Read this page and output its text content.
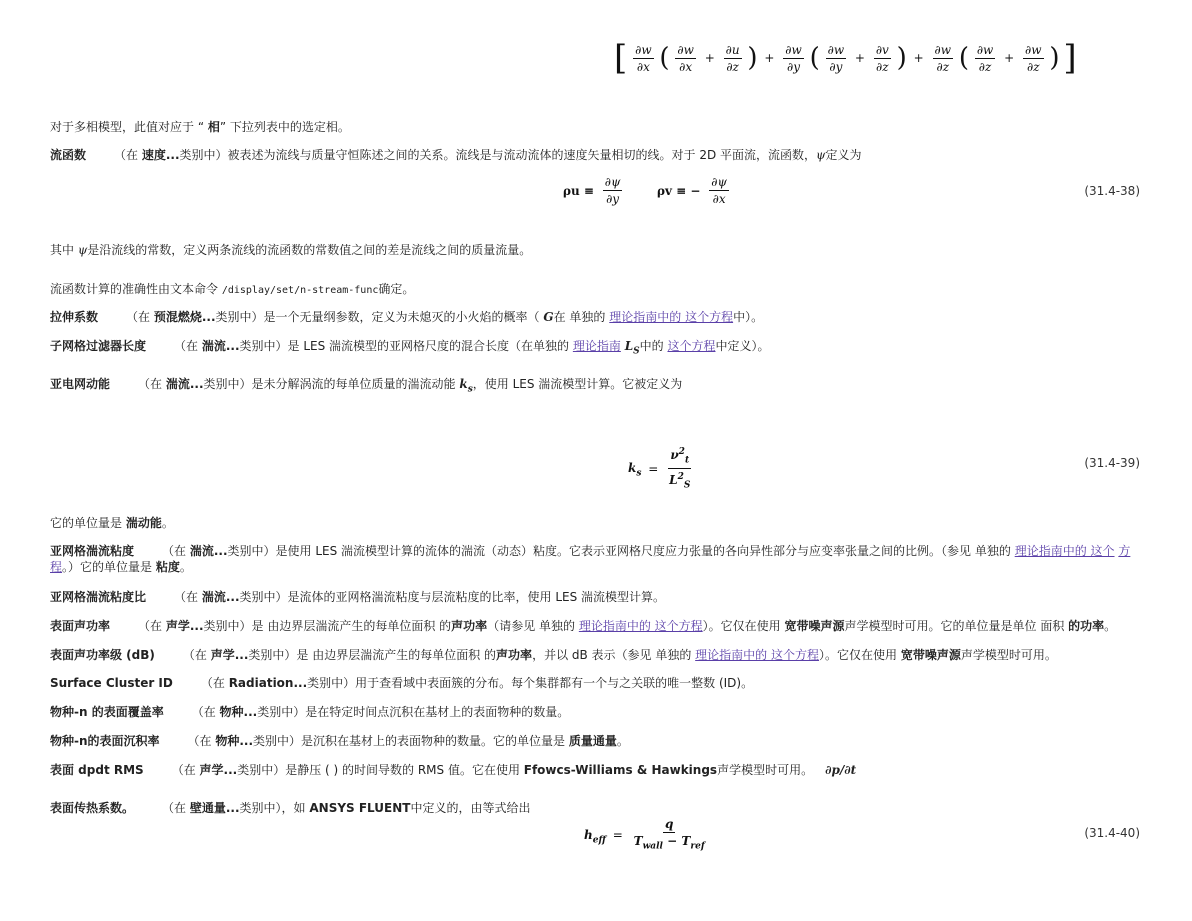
[ $\frac{\partial w}{\partial x}$ ( $\frac{\partial w}{\partial x} + \frac{\partial u}{\partial z}$ ) + $\frac{\partial w}{\partial y}$ ( $\frac{\partial w}{\partial y} + \frac{\partial v}{\partial z}$ ) + $\frac{\partial w}{\partial z}$ ( $\frac{\partial w}{\partial z} + \frac{\partial w}{\partial z}$ ) ]
对于多相模型，此值对应于 “ 相” 下拉列表中的选定相。
流函数 （在 速度...类别中）被表述为流线与质量守恒陈述之间的关系。流线是与流动流体的速度矢量相切的线。对于 2D 平面流，流函数，ψ定义为
$\rho u \equiv \frac{\partial\psi}{\partial y}$	ρv ≡ − $\frac{\partial\psi}{\partial x}$	(31.4-38)
其中 ψ是沿流线的常数，定义两条流线的流函数的常数值之间的差是流线之间的质量流量。
流函数计算的准确性由文本命令 /display/set/n-stream-func确定。
拉伸系数 （在 预混燃烧...类别中）是一个无量纲参数，定义为未熄灭的小火焰的概率（ G在 单独的 理论指南中的 这个方程中）。
子网格过滤器长度 （在 湍流...类别中）是 LES 湍流模型的亚网格尺度的混合长度（在单独的 理论指南 $L_S$中的 这个方程中定义）。
亚电网动能 （在 湍流...类别中）是未分解涡流的每单位质量的湍流动能 $k_s$，使用 LES 湍流模型计算。它被定义为
$k_s = \frac{\nu^2_t}{L^2_S}$	(31.4-39)
它的单位量是 湍动能。
亚网格湍流粘度 （在 湍流...类别中）是使用 LES 湍流模型计算的流体的湍流（动态）粘度。它表示亚网格尺度应力张量的各向异性部分与应变率张量之间的比例。（参见 单独的 理论指南中的 这个 方程。）它的单位量是 粘度。
亚网格湍流粘度比 （在 湍流...类别中）是流体的亚网格湍流粘度与层流粘度的比率，使用 LES 湍流模型计算。
表面声功率 （在 声学...类别中）是 由边界层湍流产生的每单位面积 的声功率（请参见 单独的 理论指南中的 这个方程）。它仅在使用 宽带噪声源声学模型时可用。它的单位量是单位 面积 的功率。
表面声功率级 (dB) （在 声学...类别中）是 由边界层湍流产生的每单位面积 的声功率，并以 dB 表示（参见 单独的 理论指南中的 这个方程）。它仅在使用 宽带噪声源声学模型时可用。
Surface Cluster ID （在 Radiation...类别中）用于查看域中表面簇的分布。每个集群都有一个与之关联的唯一整数 (ID)。
物种-n 的表面覆盖率 （在 物种...类别中）是在特定时间点沉积在基材上的表面物种的数量。
物种-n的表面沉积率 （在 物种...类别中）是沉积在基材上的表面物种的数量。它的单位量是 质量通量。
表面 dpdt RMS （在 声学...类别中）是静压 ( ) 的时间导数的 RMS 值。它在使用 Ffowcs-Williams & Hawkings声学模型时可用。 ∂p/∂t
表面传热系数。 （在 壁通量...类别中），如 ANSYS FLUENT中定义的，由等式给出
$h_{eff} = \frac{q}{T_{wall} - T_{ref}}$	(31.4-40)
